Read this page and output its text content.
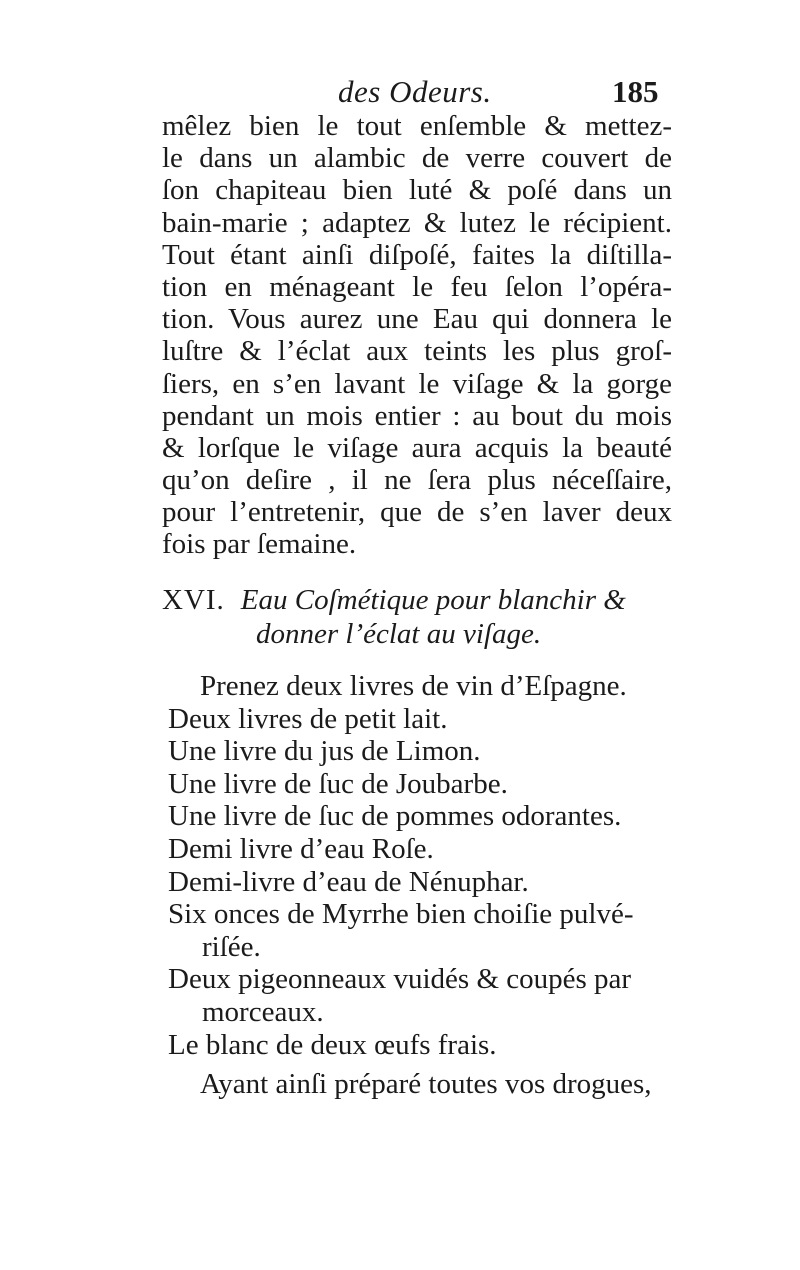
des Odeurs.	185
mêlez bien le tout enſemble & mettez-
le dans un alambic de verre couvert de
ſon chapiteau bien luté & poſé dans un
bain-marie ; adaptez & lutez le récipient.
Tout étant ainſi diſpoſé, faites la diſtilla-
tion en ménageant le feu ſelon l’opéra-
tion. Vous aurez une Eau qui donnera le
luſtre & l’éclat aux teints les plus groſ-
ſiers, en s’en lavant le viſage & la gorge
pendant un mois entier : au bout du mois
& lorſque le viſage aura acquis la beauté
qu’on deſire , il ne ſera plus néceſſaire,
pour l’entretenir, que de s’en laver deux
fois par ſemaine.
XVI. Eau Coſmétique pour blanchir &
donner l’éclat au viſage.
Prenez deux livres de vin d’Eſpagne.
Deux livres de petit lait.
Une livre du jus de Limon.
Une livre de ſuc de Joubarbe.
Une livre de ſuc de pommes odorantes.
Demi livre d’eau Roſe.
Demi-livre d’eau de Nénuphar.
Six onces de Myrrhe bien choiſie pulvé-
riſée.
Deux pigeonneaux vuidés & coupés par
morceaux.
Le blanc de deux œufs frais.
Ayant ainſi préparé toutes vos drogues,
